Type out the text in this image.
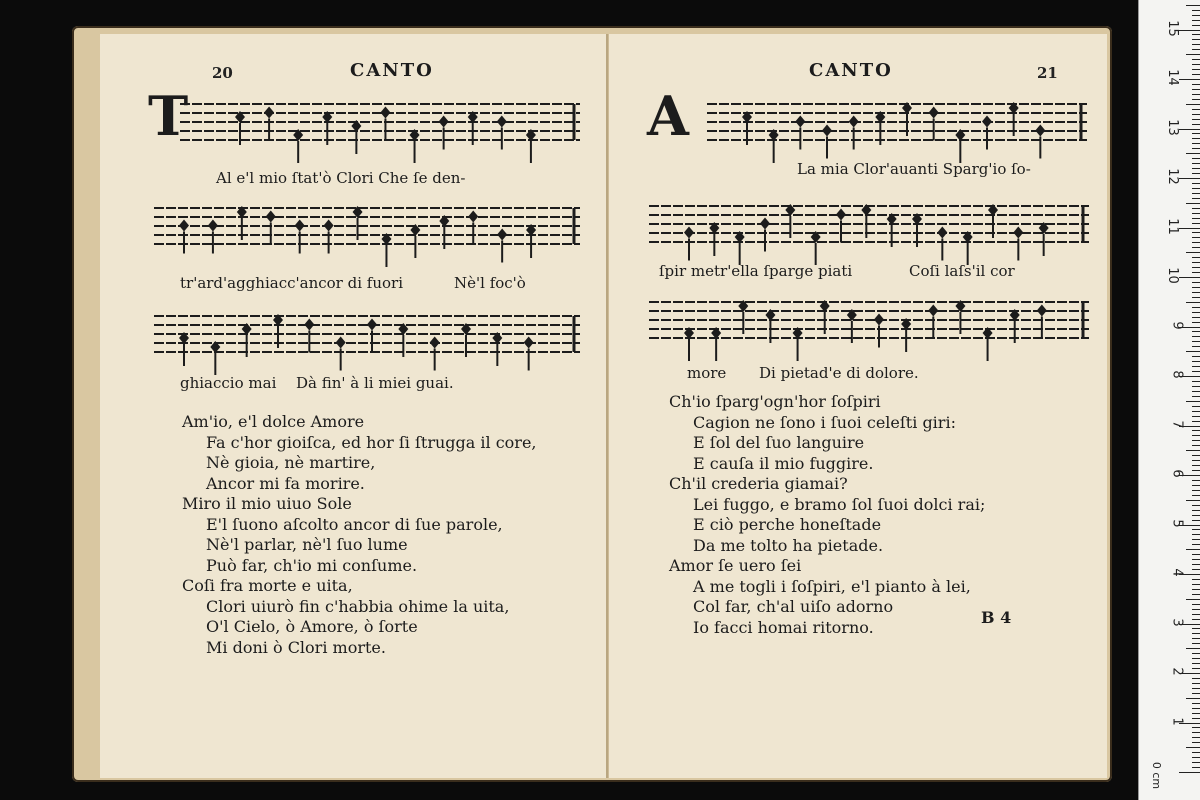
20	CANTO
T
Al e'l mio ſtat'ò Clori Che ſe den-
tr'ard'agghiacc'ancor di fuori	Nè'l foc'ò
ghiaccio mai Dà fin' à li miei guai.
Am'io, e'l dolce Amore
Fa c'hor gioiſca, ed hor ſi ſtrugga il core,
Nè gioia, nè martire,
Ancor mi fa morire.
Miro il mio uiuo Sole
E'l ſuono aſcolto ancor di ſue parole,
Nè'l parlar, nè'l ſuo lume
Può far, ch'io mi conſume.
Coſi fra morte e uita,
Clori uiurò fin c'habbia ohime la uita,
O'l Cielo, ò Amore, ò ſorte
Mi doni ò Clori morte.
CANTO	21
A
La mia Clor'auanti Sparg'io ſo-
ſpir metr'ella ſparge piati	Coſi laſs'il cor
more Di pietad'e di dolore.
Ch'io ſparg'ogn'hor ſoſpiri
Cagion ne ſono i ſuoi celeſti giri:
E ſol del ſuo languire
E cauſa il mio fuggire.
Ch'il crederia giamai?
Lei fuggo, e bramo ſol ſuoi dolci rai;
E ciò perche honeſtade
Da me tolto ha pietade.
Amor ſe uero ſei
A me togli i ſoſpiri, e'l pianto à lei,
Col far, ch'al uiſo adorno
Io facci homai ritorno.	B 4
0 cm
15
14
13
12
11
10
9
8
7
6
5
4
3
2
1
